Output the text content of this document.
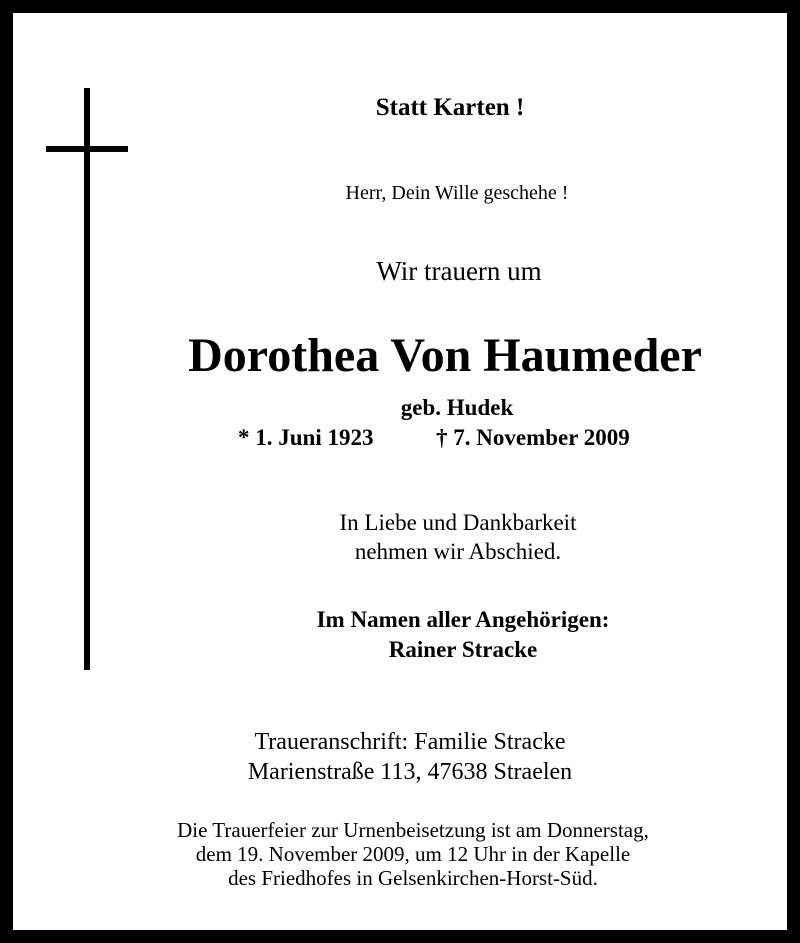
Statt Karten !
Herr, Dein Wille geschehe !
Wir trauern um
Dorothea Von Haumeder
geb. Hudek
* 1. Juni 1923	† 7. November 2009
In Liebe und Dankbarkeit
nehmen wir Abschied.
Im Namen aller Angehörigen:
Rainer Stracke
Traueranschrift: Familie Stracke
Marienstraße 113, 47638 Straelen
Die Trauerfeier zur Urnenbeisetzung ist am Donnerstag,
dem 19. November 2009, um 12 Uhr in der Kapelle
des Friedhofes in Gelsenkirchen-Horst-Süd.
